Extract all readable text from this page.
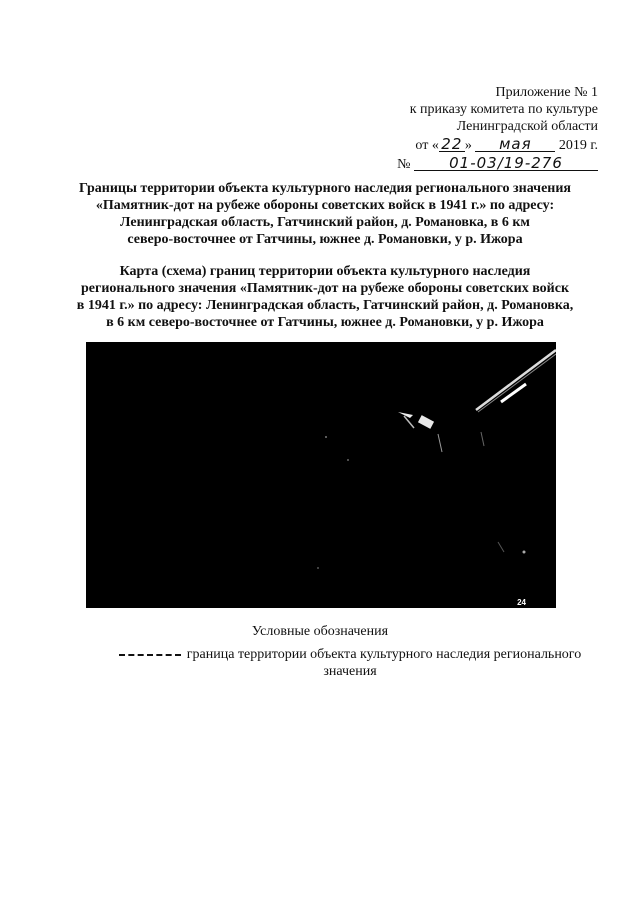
Приложение № 1
к приказу комитета по культуре
Ленинградской области
от « 22 » мая 2019 г.
№	01-03/19-276
Границы территории объекта культурного наследия регионального значения
«Памятник-дот на рубеже обороны советских войск в 1941 г.» по адресу:
Ленинградская область, Гатчинский район, д. Романовка, в 6 км
северо-восточнее от Гатчины, южнее д. Романовки, у р. Ижора
Карта (схема) границ территории объекта культурного наследия
регионального значения «Памятник-дот на рубеже обороны советских войск
в 1941 г.» по адресу: Ленинградская область, Гатчинский район, д. Романовка,
в 6 км северо-восточнее от Гатчины, южнее д. Романовки, у р. Ижора
24
Условные обозначения
граница территории объекта культурного наследия регионального значения
